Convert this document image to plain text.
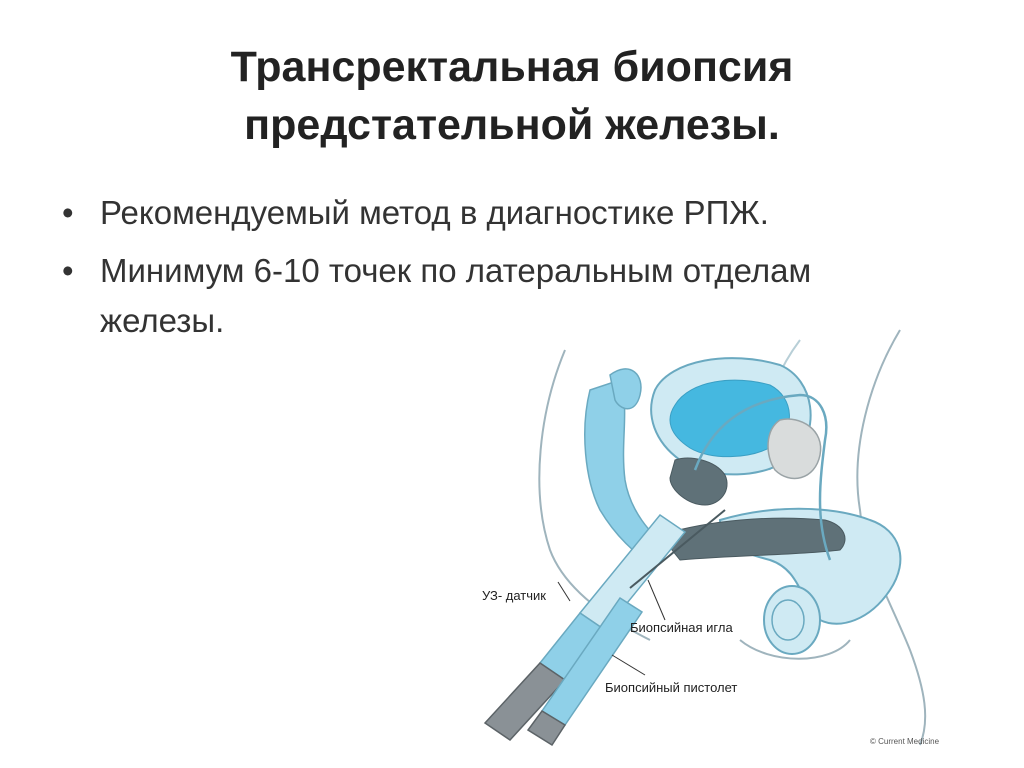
Трансректальная биопсия
предстательной железы.
• Рекомендуемый метод в диагностике РПЖ.
• Минимум 6-10 точек по латеральным отделам железы.
УЗ- датчик
Биопсийная игла
Биопсийный пистолет
© Current Medicine
